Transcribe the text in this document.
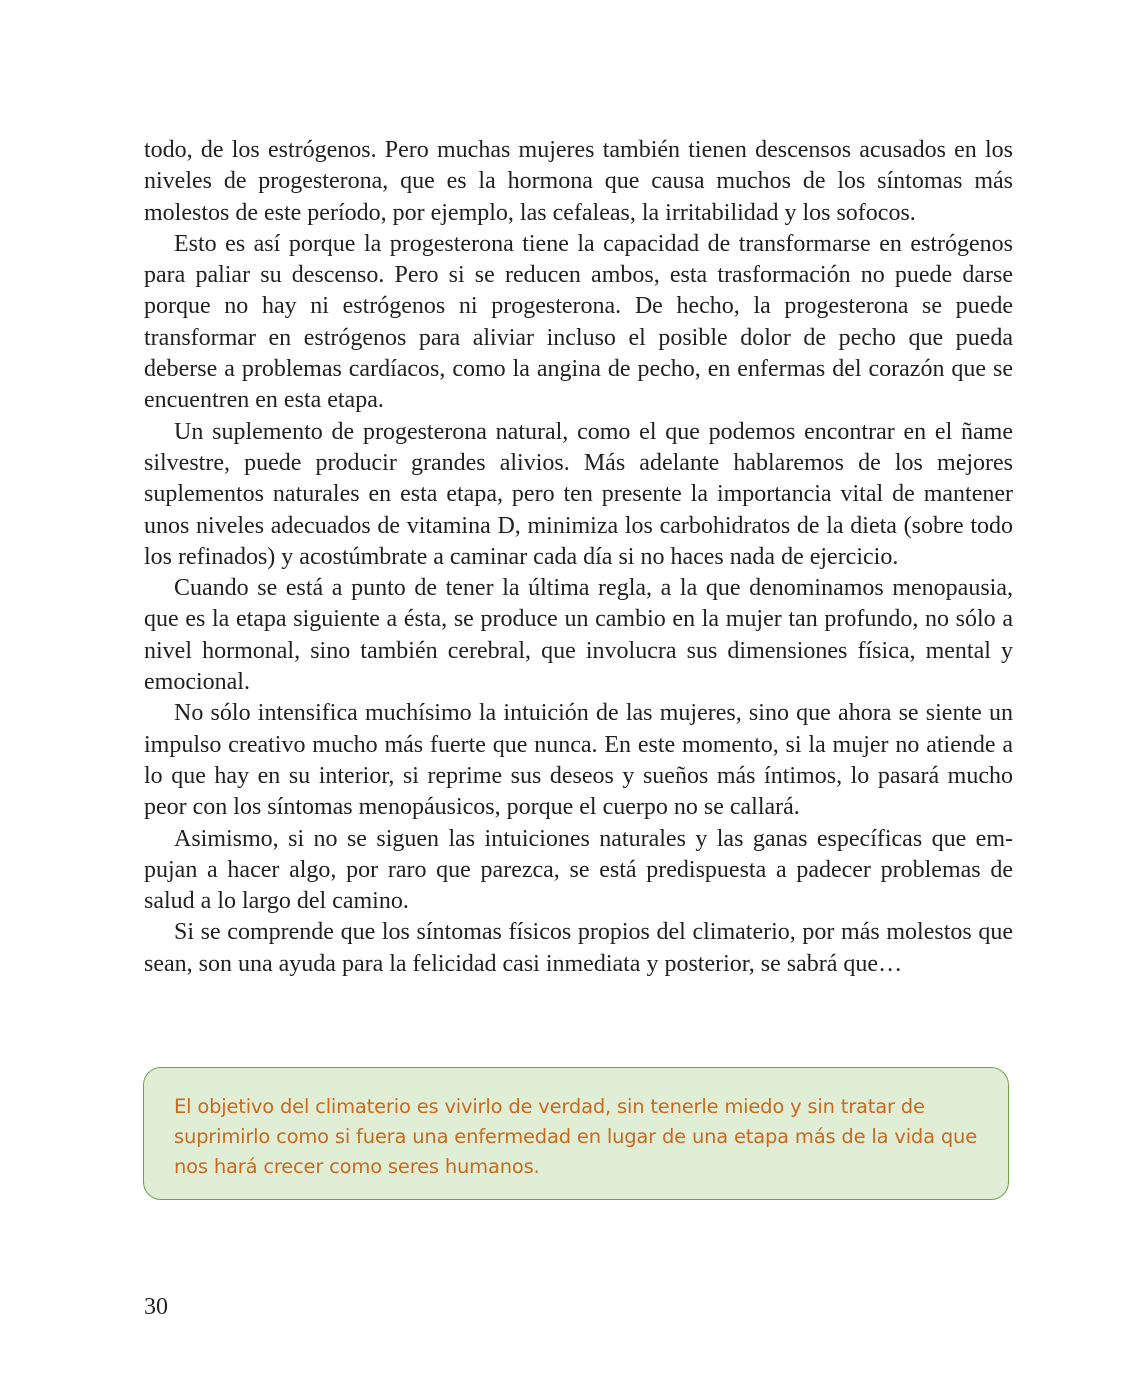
todo, de los estrógenos. Pero muchas mujeres también tienen descensos acusados en los niveles de progesterona, que es la hormona que causa muchos de los síntomas más molestos de este período, por ejemplo, las cefaleas, la irritabilidad y los sofocos.

Esto es así porque la progesterona tiene la capacidad de transformarse en estrógenos para paliar su descenso. Pero si se reducen ambos, esta trasformación no puede darse porque no hay ni estrógenos ni progesterona. De hecho, la progesterona se puede transformar en estrógenos para aliviar incluso el posible dolor de pecho que pueda deberse a problemas cardíacos, como la angina de pecho, en enfermas del corazón que se encuentren en esta etapa.

Un suplemento de progesterona natural, como el que podemos encontrar en el ñame silvestre, puede producir grandes alivios. Más adelante hablaremos de los mejores suplementos naturales en esta etapa, pero ten presente la importancia vital de mantener unos niveles adecuados de vitamina D, minimiza los carbohidratos de la dieta (sobre todo los refinados) y acostúmbrate a caminar cada día si no haces nada de ejercicio.

Cuando se está a punto de tener la última regla, a la que denominamos menopausia, que es la etapa siguiente a ésta, se produce un cambio en la mujer tan profundo, no sólo a nivel hormonal, sino también cerebral, que involucra sus dimensiones física, mental y emocional.

No sólo intensifica muchísimo la intuición de las mujeres, sino que ahora se siente un impulso creativo mucho más fuerte que nunca. En este momento, si la mujer no atiende a lo que hay en su interior, si reprime sus deseos y sueños más íntimos, lo pasará mucho peor con los síntomas menopáusicos, porque el cuerpo no se callará.

Asimismo, si no se siguen las intuiciones naturales y las ganas específicas que empujan a hacer algo, por raro que parezca, se está predispuesta a padecer problemas de salud a lo largo del camino.

Si se comprende que los síntomas físicos propios del climaterio, por más molestos que sean, son una ayuda para la felicidad casi inmediata y posterior, se sabrá que…

El objetivo del climaterio es vivirlo de verdad, sin tenerle miedo y sin tratar de suprimirlo como si fuera una enfermedad en lugar de una etapa más de la vida que nos hará crecer como seres humanos.

30
